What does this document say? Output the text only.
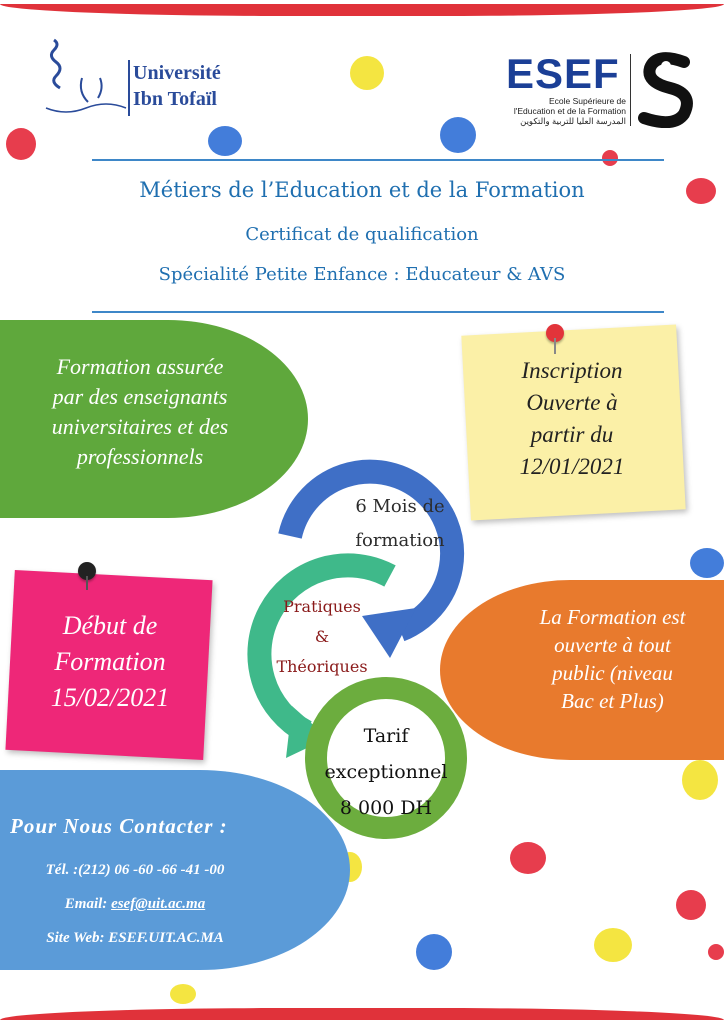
Université
Ibn Tofaïl
ESEF
Ecole Supérieure de l'Education et de la Formation
المدرسة العليا للتربية والتكوين
Métiers de l’Education et de la Formation
Certificat de qualification
Spécialité Petite Enfance : Educateur & AVS
Formation assurée
par des enseignants
universitaires et des
professionnels
Inscription
Ouverte à
partir du
12/01/2021
Début de
Formation
15/02/2021
La Formation est
ouverte à tout
public (niveau
Bac et Plus)
6 Mois de
formation
Pratiques
&
Théoriques
Tarif
exceptionnel
8 000 DH
Pour Nous Contacter :
Tél. :(212) 06 -60 -66 -41 -00
Email: esef@uit.ac.ma
Site Web: ESEF.UIT.AC.MA
